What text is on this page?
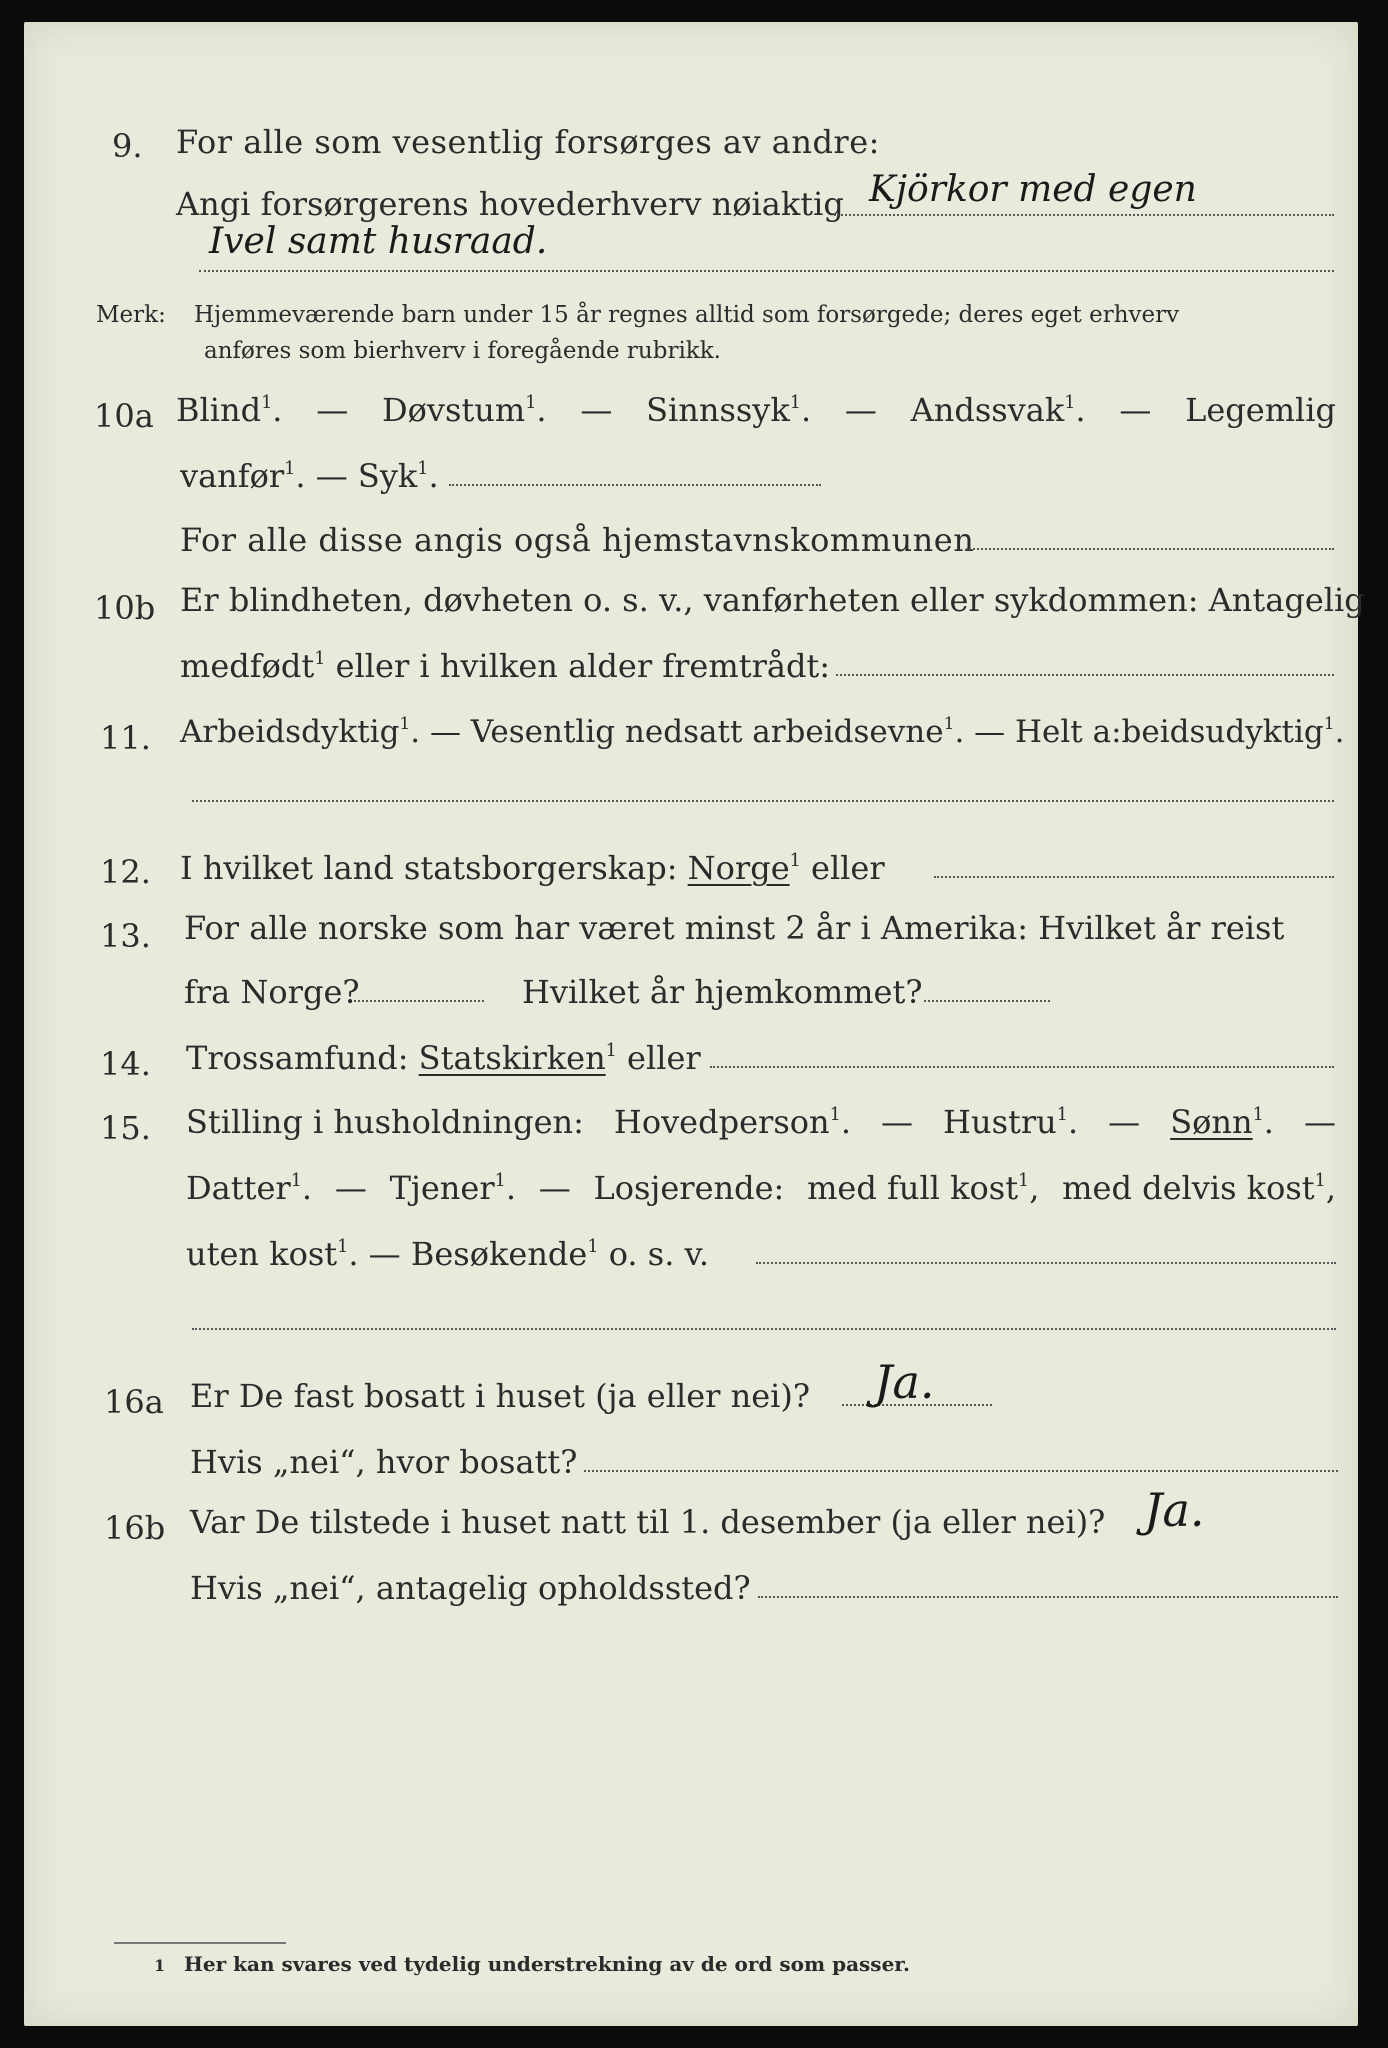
9. For alle som vesentlig forsørges av andre:
Angi forsørgerens hovederhverv nøiaktig Kjörkor med egen
Ivel samt husraad.
Merk: Hjemmeværende barn under 15 år regnes alltid som forsørgede; deres eget erhverv
anføres som bierhverv i foregående rubrikk.
10a Blind$^1$. — Døvstum$^1$. — Sinnssyk$^1$. — Andssvak$^1$. — Legemlig
vanfør$^1$. — Syk$^1$.
For alle disse angis også hjemstavnskommunen
10b Er blindheten, døvheten o. s. v., vanførheten eller sykdommen: Antagelig
medfødt$^1$ eller i hvilken alder fremtrådt:
11. Arbeidsdyktig$^1$. — Vesentlig nedsatt arbeidsevne$^1$. — Helt a:beidsudyktig$^1$.
12. I hvilket land statsborgerskap: Norge$^1$ eller
13. For alle norske som har været minst 2 år i Amerika: Hvilket år reist
fra Norge?	Hvilket år hjemkommet?
14. Trossamfund: Statskirken$^1$ eller
15. Stilling i husholdningen: Hovedperson$^1$. — Hustru$^1$. — Sønn$^1$. —
Datter$^1$. — Tjener$^1$. — Losjerende: med full kost$^1$, med delvis kost$^1$,
uten kost$^1$. — Besøkende$^1$ o. s. v.
16a Er De fast bosatt i huset (ja eller nei)? Ja.
Hvis „nei“, hvor bosatt?
16b Var De tilstede i huset natt til 1. desember (ja eller nei)? Ja.
Hvis „nei“, antagelig opholdssted?
1 Her kan svares ved tydelig understrekning av de ord som passer.
